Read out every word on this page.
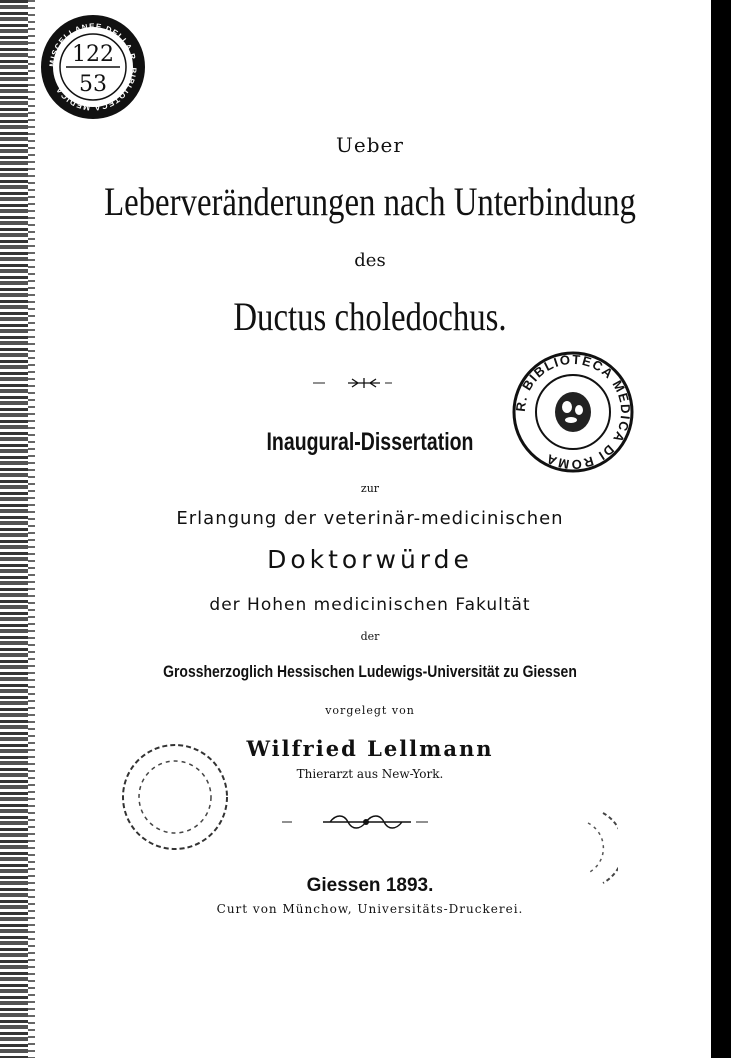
MISCELLANEE DELLA R. BIBLIOTECA MEDICA
122
53
R. BIBLIOTECA MEDICA DI ROMA
Ueber
Leberveränderungen nach Unterbindung
des
Ductus choledochus.
Inaugural-Dissertation
zur
Erlangung der veterinär-medicinischen
Doktorwürde
der Hohen medicinischen Fakultät
der
Grossherzoglich Hessischen Ludewigs-Universität zu Giessen
vorgelegt von
Wilfried Lellmann
Thierarzt aus New-York.
Giessen 1893.
Curt von Münchow, Universitäts-Druckerei.
